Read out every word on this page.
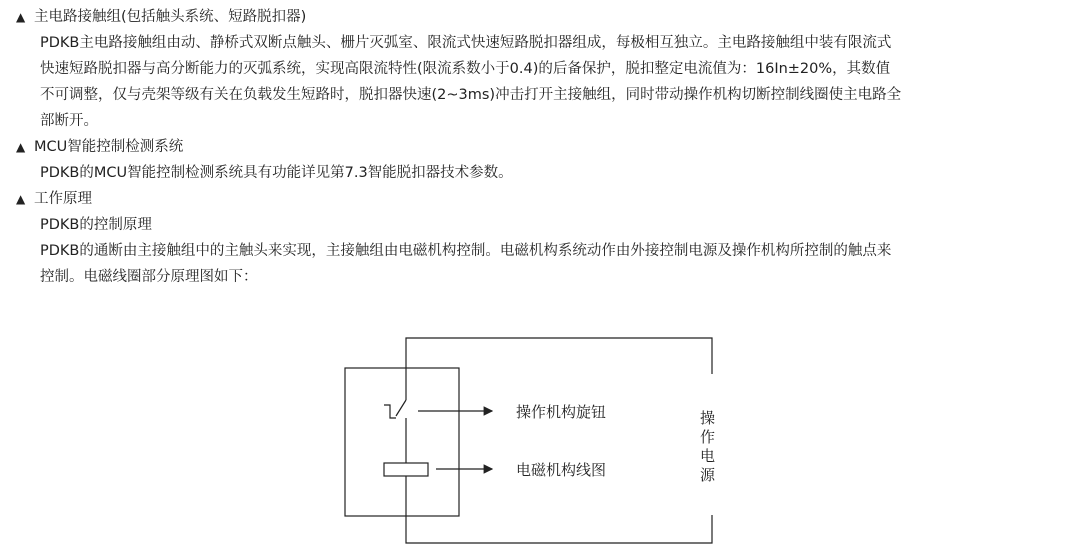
▲ 主电路接触组(包括触头系统、短路脱扣器)
PDKB主电路接触组由动、静桥式双断点触头、栅片灭弧室、限流式快速短路脱扣器组成，每极相互独立。主电路接触组中装有限流式
快速短路脱扣器与高分断能力的灭弧系统，实现高限流特性(限流系数小于0.4)的后备保护，脱扣整定电流值为：16In±20%，其数值
不可调整，仅与壳架等级有关在负载发生短路时，脱扣器快速(2~3ms)冲击打开主接触组，同时带动操作机构切断控制线圈使主电路全
部断开。
▲ MCU智能控制检测系统
PDKB的MCU智能控制检测系统具有功能详见第7.3智能脱扣器技术参数。
▲ 工作原理
PDKB的控制原理
PDKB的通断由主接触组中的主触头来实现，主接触组由电磁机构控制。电磁机构系统动作由外接控制电源及操作机构所控制的触点来
控制。电磁线圈部分原理图如下：
操作机构旋钮
电磁机构线图
操
作
电
源
